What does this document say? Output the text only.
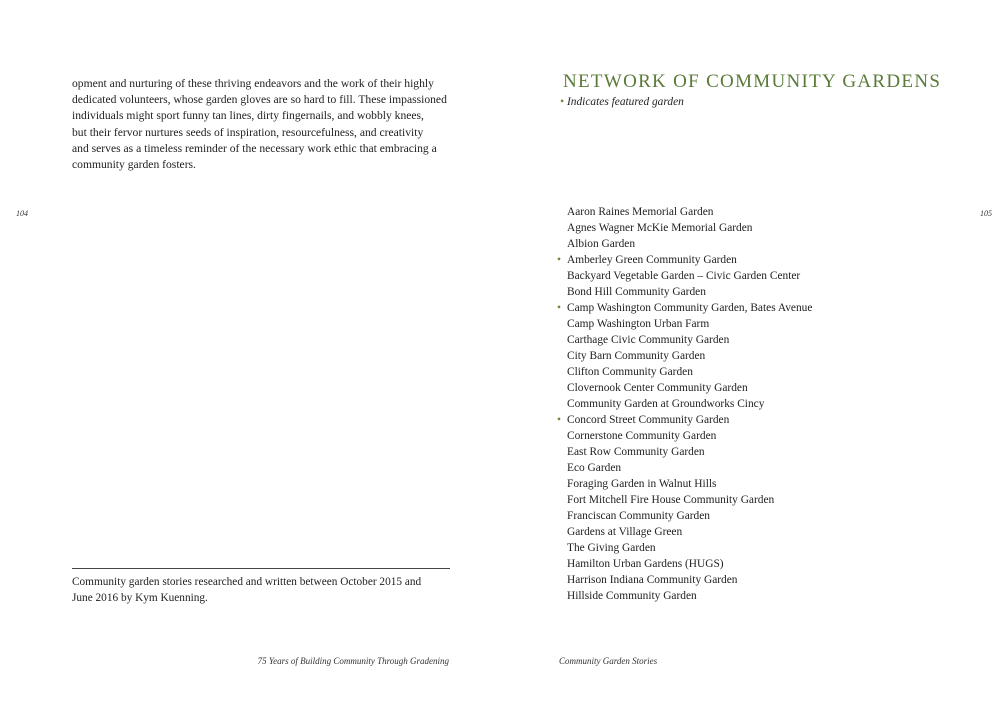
opment and nurturing of these thriving endeavors and the work of their highly

dedicated volunteers, whose garden gloves are so hard to fill. These impassioned

individuals might sport funny tan lines, dirty fingernails, and wobbly knees,

but their fervor nurtures seeds of inspiration, resourcefulness, and creativity

and serves as a timeless reminder of the necessary work ethic that embracing a

community garden fosters.

104
Community garden stories researched and written between October 2015 and
June 2016 by Kym Kuenning.
75 Years of Building Community Through Gradening
NETWORK OF COMMUNITY GARDENS
• Indicates featured garden
105
Aaron Raines Memorial Garden
Agnes Wagner McKie Memorial Garden
Albion Garden
• Amberley Green Community Garden
Backyard Vegetable Garden – Civic Garden Center
Bond Hill Community Garden
• Camp Washington Community Garden, Bates Avenue
Camp Washington Urban Farm
Carthage Civic Community Garden
City Barn Community Garden
Clifton Community Garden
Clovernook Center Community Garden
Community Garden at Groundworks Cincy
• Concord Street Community Garden
Cornerstone Community Garden
East Row Community Garden
Eco Garden
Foraging Garden in Walnut Hills
Fort Mitchell Fire House Community Garden
Franciscan Community Garden
Gardens at Village Green
The Giving Garden
Hamilton Urban Gardens (HUGS)
Harrison Indiana Community Garden
Hillside Community Garden
Community Garden Stories
